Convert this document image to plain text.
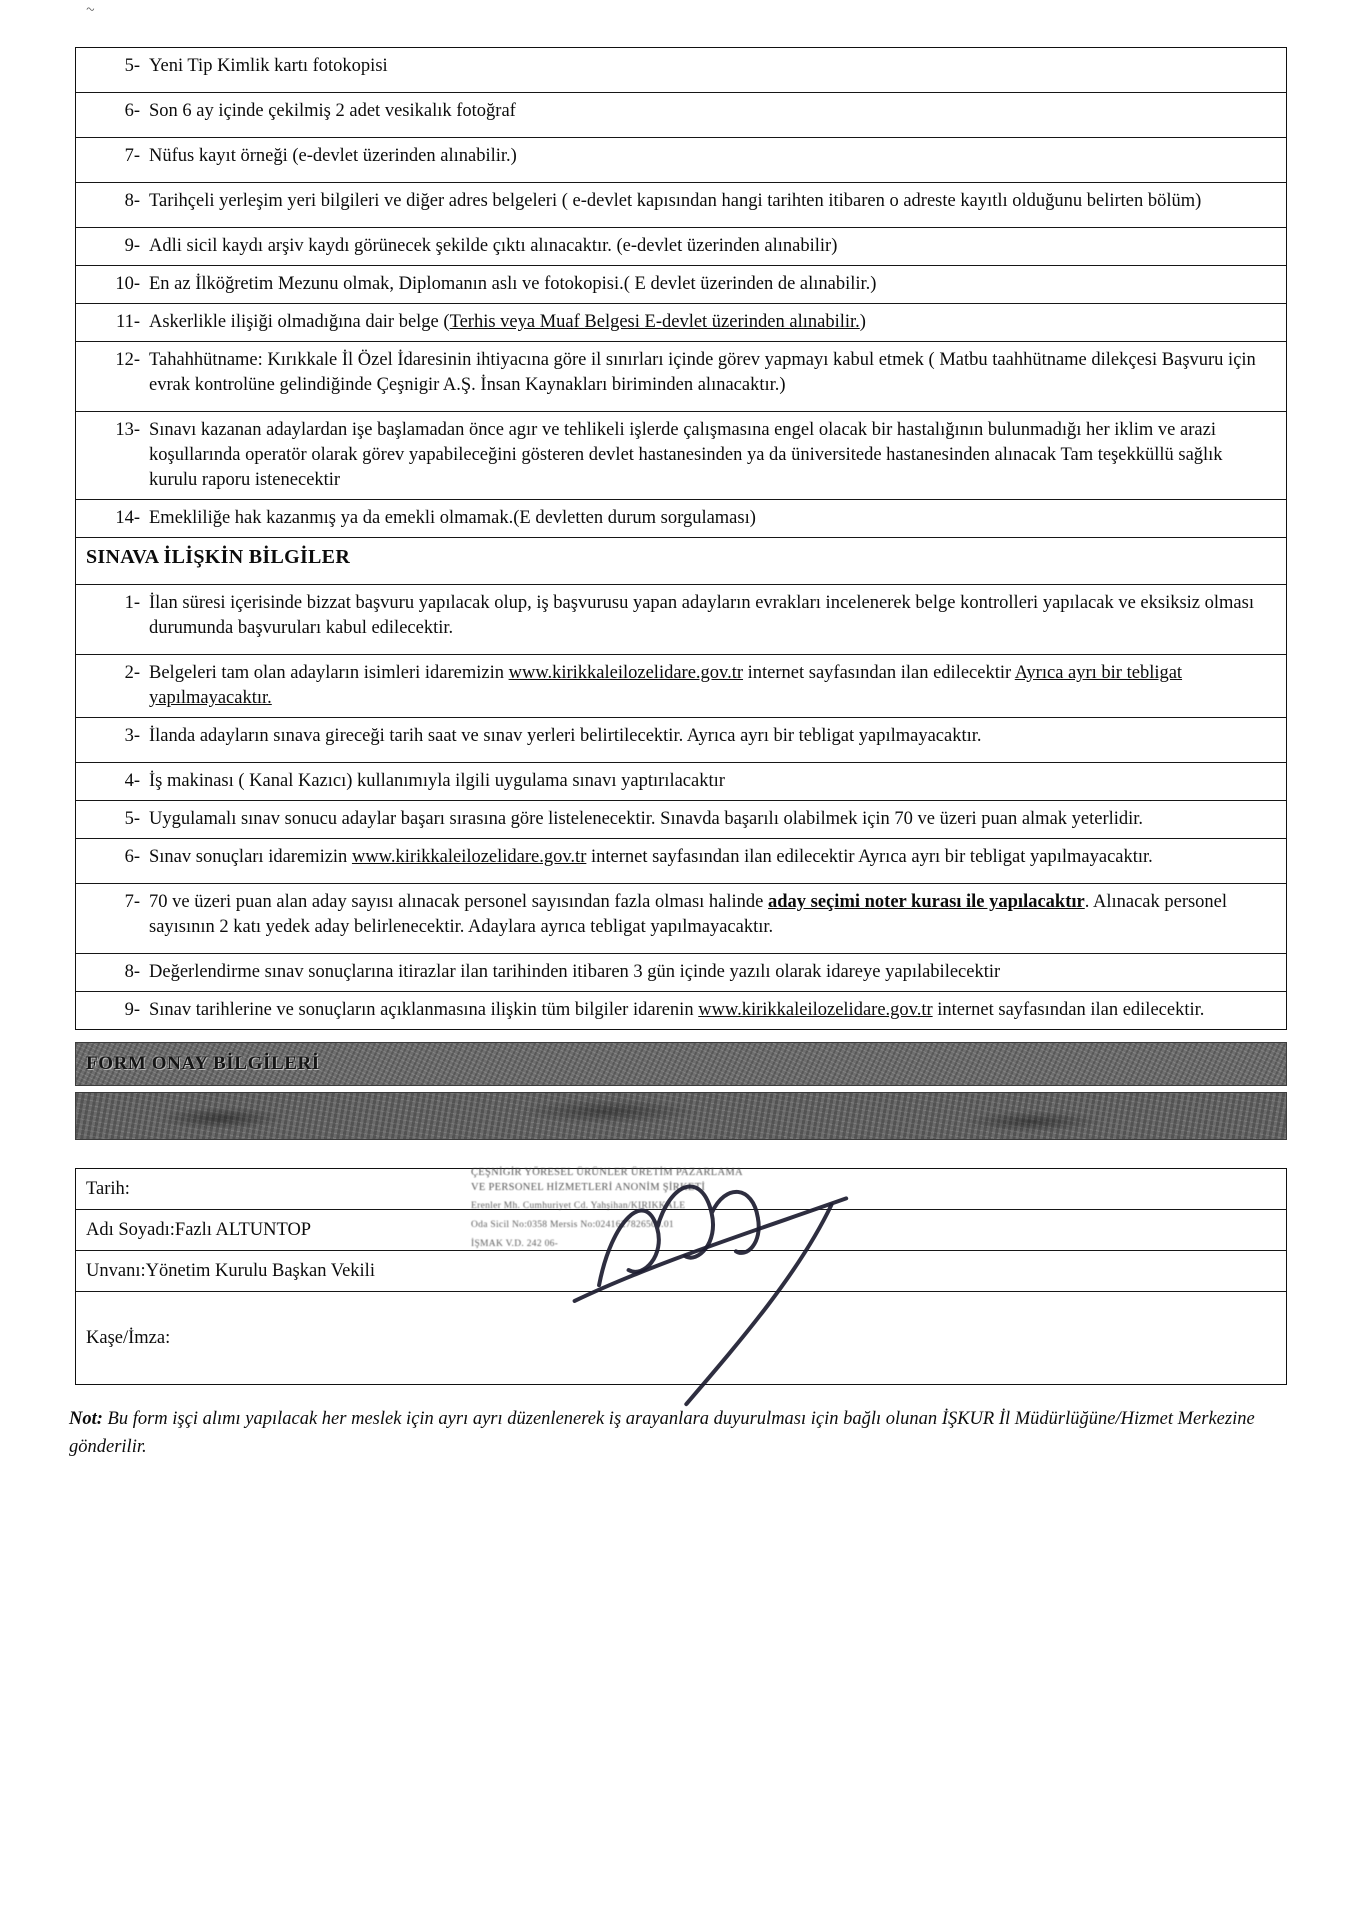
~
5- Yeni Tip Kimlik kartı fotokopisi
6- Son 6 ay içinde çekilmiş 2 adet vesikalık fotoğraf
7- Nüfus kayıt örneği (e-devlet üzerinden alınabilir.)
8- Tarihçeli yerleşim yeri bilgileri ve diğer adres belgeleri ( e-devlet kapısından hangi tarihten itibaren o adreste kayıtlı olduğunu belirten bölüm)
9- Adli sicil kaydı arşiv kaydı görünecek şekilde çıktı alınacaktır. (e-devlet üzerinden alınabilir)
10- En az İlköğretim Mezunu olmak, Diplomanın aslı ve fotokopisi.( E devlet üzerinden de alınabilir.)
11- Askerlikle ilişiği olmadığına dair belge (Terhis veya Muaf Belgesi E-devlet üzerinden alınabilir.)
12- Tahahhütname: Kırıkkale İl Özel İdaresinin ihtiyacına göre il sınırları içinde görev yapmayı kabul etmek ( Matbu taahhütname dilekçesi Başvuru için evrak kontrolüne gelindiğinde Çeşnigir A.Ş. İnsan Kaynakları biriminden alınacaktır.)
13- Sınavı kazanan adaylardan işe başlamadan önce agır ve tehlikeli işlerde çalışmasına engel olacak bir hastalığının bulunmadığı her iklim ve arazi koşullarında operatör olarak görev yapabileceğini gösteren devlet hastanesinden ya da üniversitede hastanesinden alınacak Tam teşekküllü sağlık kurulu raporu istenecektir
14- Emekliliğe hak kazanmış ya da emekli olmamak.(E devletten durum sorgulaması)
SINAVA İLİŞKİN BİLGİLER
1- İlan süresi içerisinde bizzat başvuru yapılacak olup, iş başvurusu yapan adayların evrakları incelenerek belge kontrolleri yapılacak ve eksiksiz olması durumunda başvuruları kabul edilecektir.
2- Belgeleri tam olan adayların isimleri idaremizin www.kirikkaleilozelidare.gov.tr internet sayfasından ilan edilecektir Ayrıca ayrı bir tebligat yapılmayacaktır.
3- İlanda adayların sınava gireceği tarih saat ve sınav yerleri belirtilecektir. Ayrıca ayrı bir tebligat yapılmayacaktır.
4- İş makinası ( Kanal Kazıcı) kullanımıyla ilgili uygulama sınavı yaptırılacaktır
5- Uygulamalı sınav sonucu adaylar başarı sırasına göre listelenecektir. Sınavda başarılı olabilmek için 70 ve üzeri puan almak yeterlidir.
6- Sınav sonuçları idaremizin www.kirikkaleilozelidare.gov.tr internet sayfasından ilan edilecektir Ayrıca ayrı bir tebligat yapılmayacaktır.
7- 70 ve üzeri puan alan aday sayısı alınacak personel sayısından fazla olması halinde aday seçimi noter kurası ile yapılacaktır. Alınacak personel sayısının 2 katı yedek aday belirlenecektir. Adaylara ayrıca tebligat yapılmayacaktır.
8- Değerlendirme sınav sonuçlarına itirazlar ilan tarihinden itibaren 3 gün içinde yazılı olarak idareye yapılabilecektir
9- Sınav tarihlerine ve sonuçların açıklanmasına ilişkin tüm bilgiler idarenin www.kirikkaleilozelidare.gov.tr internet sayfasından ilan edilecektir.
FORM ONAY BİLGİLERİ
Tarih:
Adı Soyadı: Fazlı ALTUNTOP
Unvanı: Yönetim Kurulu Başkan Vekili
Kaşe/İmza:
ÇEŞNİGİR YÖRESEL ÜRÜNLER ÜRETİM PAZARLAMA
VE PERSONEL HİZMETLERİ ANONİM ŞİRKETİ
Erenler Mh. Cumhuriyet Cd. Yahşihan/KIRIKKALE
Oda Sicil No:0358 Mersis No:0241627826500.01
İŞMAK V.D. 242 06-

Not: Bu form işçi alımı yapılacak her meslek için ayrı ayrı düzenlenerek iş arayanlara duyurulması için bağlı olunan İŞKUR İl Müdürlüğüne/Hizmet Merkezine gönderilir.
